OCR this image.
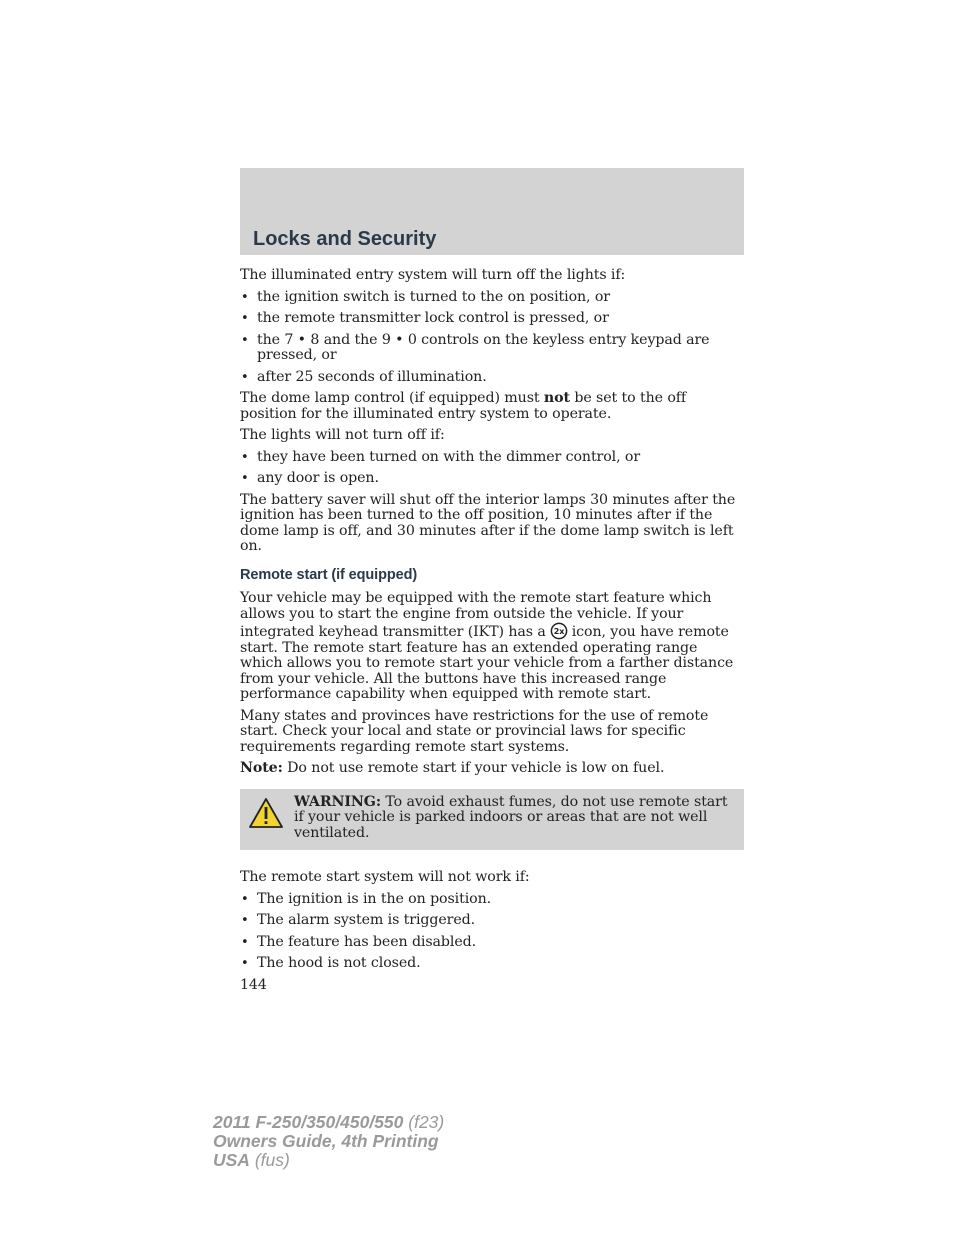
Locks and Security

The illuminated entry system will turn off the lights if:

• the ignition switch is turned to the on position, or
• the remote transmitter lock control is pressed, or
• the 7 • 8 and the 9 • 0 controls on the keyless entry keypad are pressed, or
• after 25 seconds of illumination.

The dome lamp control (if equipped) must not be set to the off position for the illuminated entry system to operate.

The lights will not turn off if:

• they have been turned on with the dimmer control, or
• any door is open.

The battery saver will shut off the interior lamps 30 minutes after the ignition has been turned to the off position, 10 minutes after if the dome lamp is off, and 30 minutes after if the dome lamp switch is left on.

Remote start (if equipped)

Your vehicle may be equipped with the remote start feature which allows you to start the engine from outside the vehicle. If your integrated keyhead transmitter (IKT) has a 2x icon, you have remote start. The remote start feature has an extended operating range which allows you to remote start your vehicle from a farther distance from your vehicle. All the buttons have this increased range performance capability when equipped with remote start.

Many states and provinces have restrictions for the use of remote start. Check your local and state or provincial laws for specific requirements regarding remote start systems.

Note: Do not use remote start if your vehicle is low on fuel.

WARNING: To avoid exhaust fumes, do not use remote start if your vehicle is parked indoors or areas that are not well ventilated.

The remote start system will not work if:

• The ignition is in the on position.
• The alarm system is triggered.
• The feature has been disabled.
• The hood is not closed.
144
2011 F-250/350/450/550 (f23)
Owners Guide, 4th Printing
USA (fus)
